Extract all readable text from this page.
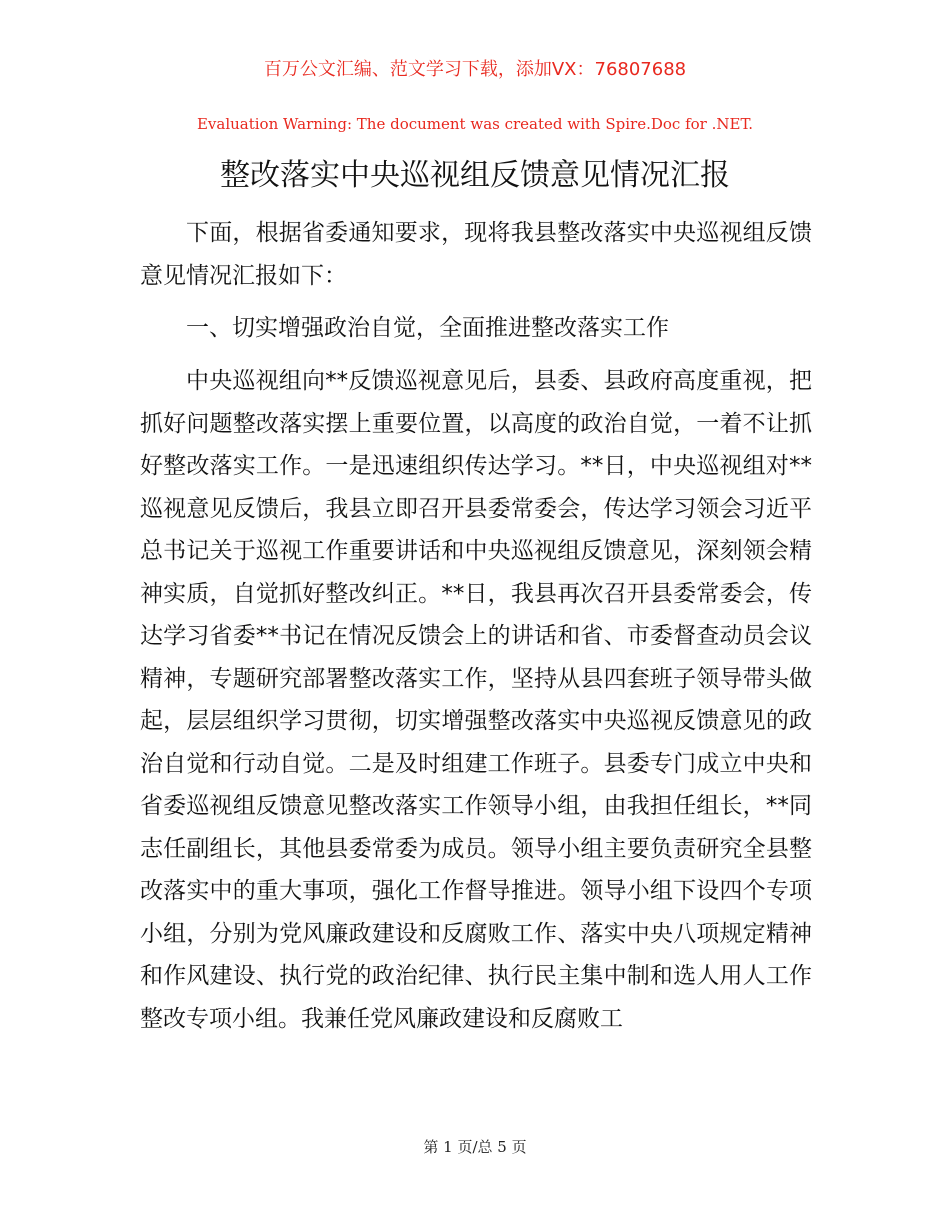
百万公文汇编、范文学习下载，添加VX：76807688
Evaluation Warning: The document was created with Spire.Doc for .NET.
整改落实中央巡视组反馈意见情况汇报

下面，根据省委通知要求，现将我县整改落实中央巡视组反馈意见情况汇报如下：

一、切实增强政治自觉，全面推进整改落实工作

中央巡视组向**反馈巡视意见后，县委、县政府高度重视，把抓好问题整改落实摆上重要位置，以高度的政治自觉，一着不让抓好整改落实工作。一是迅速组织传达学习。**日，中央巡视组对**巡视意见反馈后，我县立即召开县委常委会，传达学习领会习近平总书记关于巡视工作重要讲话和中央巡视组反馈意见，深刻领会精神实质，自觉抓好整改纠正。**日，我县再次召开县委常委会，传达学习省委**书记在情况反馈会上的讲话和省、市委督查动员会议精神，专题研究部署整改落实工作，坚持从县四套班子领导带头做起，层层组织学习贯彻，切实增强整改落实中央巡视反馈意见的政治自觉和行动自觉。二是及时组建工作班子。县委专门成立中央和省委巡视组反馈意见整改落实工作领导小组，由我担任组长，**同志任副组长，其他县委常委为成员。领导小组主要负责研究全县整改落实中的重大事项，强化工作督导推进。领导小组下设四个专项小组，分别为党风廉政建设和反腐败工作、落实中央八项规定精神和作风建设、执行党的政治纪律、执行民主集中制和选人用人工作整改专项小组。我兼任党风廉政建设和反腐败工

第 1 页/总 5 页
